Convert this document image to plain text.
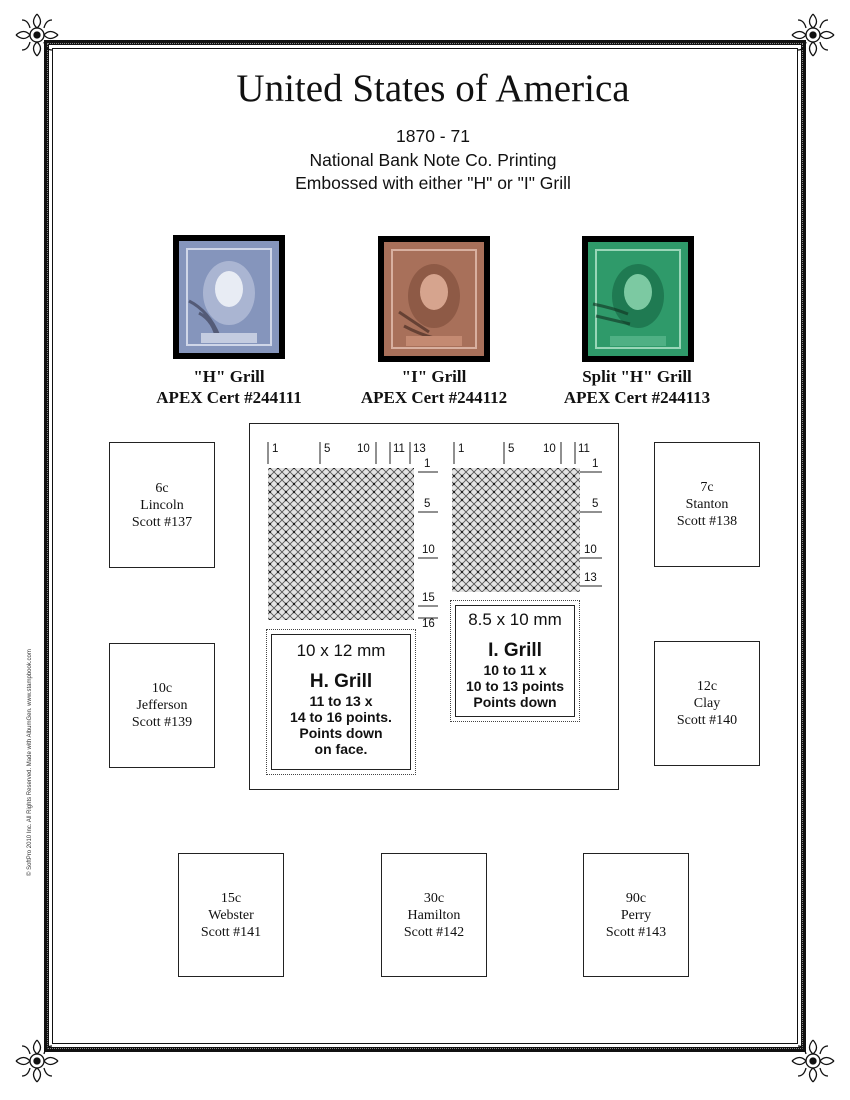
© SoftPro 2010 Inc. All Rights Reserved. Made with AlbumGen. www.stampbook.com
United States of America
1870 - 71
National Bank Note Co. Printing
Embossed with either "H" or "I" Grill
"H" Grill
APEX Cert #244111
"I" Grill
APEX Cert #244112
Split "H" Grill
APEX Cert #244113
6c
Lincoln
Scott #137
7c
Stanton
Scott #138
10c
Jefferson
Scott #139
12c
Clay
Scott #140
15c
Webster
Scott #141
30c
Hamilton
Scott #142
90c
Perry
Scott #143
1	5 10 11 13
1
5
10
15
16
1	5 10 11
1
5
10
13
10 x 12 mm
H. Grill
11 to 13 x
14 to 16 points.
Points down
on face.
8.5 x 10 mm
I. Grill
10 to 11 x
10 to 13 points
Points down
